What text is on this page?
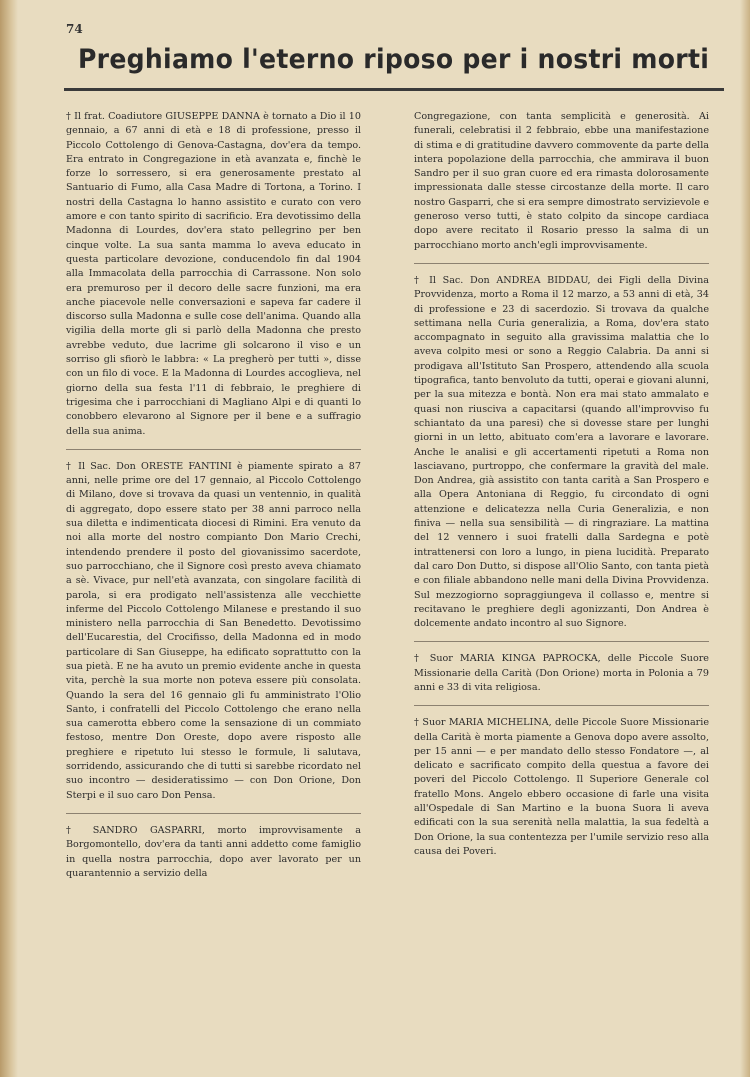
74
Preghiamo l'eterno riposo per i nostri morti

† Il frat. Coadiutore GIUSEPPE DANNA è tornato a Dio il 10 gennaio, a 67 anni di età e 18 di professione, presso il Piccolo Cottolengo di Genova-Castagna, dov'era da tempo. Era entrato in Congregazione in età avanzata e, finchè le forze lo sorressero, si era generosamente prestato al Santuario di Fumo, alla Casa Madre di Tortona, a Torino. I nostri della Castagna lo hanno assistito e curato con vero amore e con tanto spirito di sacrificio. Era devotissimo della Madonna di Lourdes, dov'era stato pellegrino per ben cinque volte. La sua santa mamma lo aveva educato in questa particolare devozione, conducendolo fin dal 1904 alla Immacolata della parrocchia di Carrassone. Non solo era premuroso per il decoro delle sacre funzioni, ma era anche piacevole nelle conversazioni e sapeva far cadere il discorso sulla Madonna e sulle cose dell'anima. Quando alla vigilia della morte gli si parlò della Madonna che presto avrebbe veduto, due lacrime gli solcarono il viso e un sorriso gli sfiorò le labbra: « La pregherò per tutti », disse con un filo di voce. E la Madonna di Lourdes accoglieva, nel giorno della sua festa l'11 di febbraio, le preghiere di trigesima che i parrocchiani di Magliano Alpi e di quanti lo conobbero elevarono al Signore per il bene e a suffragio della sua anima.

† Il Sac. Don ORESTE FANTINI è piamente spirato a 87 anni, nelle prime ore del 17 gennaio, al Piccolo Cottolengo di Milano, dove si trovava da quasi un ventennio, in qualità di aggregato, dopo essere stato per 38 anni parroco nella sua diletta e indimenticata diocesi di Rimini. Era venuto da noi alla morte del nostro compianto Don Mario Crechi, intendendo prendere il posto del giovanissimo sacerdote, suo parrocchiano, che il Signore così presto aveva chiamato a sè. Vivace, pur nell'età avanzata, con singolare facilità di parola, si era prodigato nell'assistenza alle vecchiette inferme del Piccolo Cottolengo Milanese e prestando il suo ministero nella parrocchia di San Benedetto. Devotissimo dell'Eucarestia, del Crocifisso, della Madonna ed in modo particolare di San Giuseppe, ha edificato soprattutto con la sua pietà. E ne ha avuto un premio evidente anche in questa vita, perchè la sua morte non poteva essere più consolata. Quando la sera del 16 gennaio gli fu amministrato l'Olio Santo, i confratelli del Piccolo Cottolengo che erano nella sua camerotta ebbero come la sensazione di un commiato festoso, mentre Don Oreste, dopo avere risposto alle preghiere e ripetuto lui stesso le formule, li salutava, sorridendo, assicurando che di tutti si sarebbe ricordato nel suo incontro — desideratissimo — con Don Orione, Don Sterpi e il suo caro Don Pensa.

† SANDRO GASPARRI, morto improvvisamente a Borgomontello, dov'era da tanti anni addetto come famiglio in quella nostra parrocchia, dopo aver lavorato per un quarantennio a servizio della

Congregazione, con tanta semplicità e generosità. Ai funerali, celebratisi il 2 febbraio, ebbe una manifestazione di stima e di gratitudine davvero commovente da parte della intera popolazione della parrocchia, che ammirava il buon Sandro per il suo gran cuore ed era rimasta dolorosamente impressionata dalle stesse circostanze della morte. Il caro nostro Gasparri, che si era sempre dimostrato servizievole e generoso verso tutti, è stato colpito da sincope cardiaca dopo avere recitato il Rosario presso la salma di un parrocchiano morto anch'egli improvvisamente.

† Il Sac. Don ANDREA BIDDAU, dei Figli della Divina Provvidenza, morto a Roma il 12 marzo, a 53 anni di età, 34 di professione e 23 di sacerdozio. Si trovava da qualche settimana nella Curia generalizia, a Roma, dov'era stato accompagnato in seguito alla gravissima malattia che lo aveva colpito mesi or sono a Reggio Calabria. Da anni si prodigava all'Istituto San Prospero, attendendo alla scuola tipografica, tanto benvoluto da tutti, operai e giovani alunni, per la sua mitezza e bontà. Non era mai stato ammalato e quasi non riusciva a capacitarsi (quando all'improvviso fu schiantato da una paresi) che si dovesse stare per lunghi giorni in un letto, abituato com'era a lavorare e lavorare. Anche le analisi e gli accertamenti ripetuti a Roma non lasciavano, purtroppo, che confermare la gravità del male. Don Andrea, già assistito con tanta carità a San Prospero e alla Opera Antoniana di Reggio, fu circondato di ogni attenzione e delicatezza nella Curia Generalizia, e non finiva — nella sua sensibilità — di ringraziare. La mattina del 12 vennero i suoi fratelli dalla Sardegna e potè intrattenersi con loro a lungo, in piena lucidità. Preparato dal caro Don Dutto, si dispose all'Olio Santo, con tanta pietà e con filiale abbandono nelle mani della Divina Provvidenza. Sul mezzogiorno sopraggiungeva il collasso e, mentre si recitavano le preghiere degli agonizzanti, Don Andrea è dolcemente andato incontro al suo Signore.

† Suor MARIA KINGA PAPROCKA, delle Piccole Suore Missionarie della Carità (Don Orione) morta in Polonia a 79 anni e 33 di vita religiosa.

† Suor MARIA MICHELINA, delle Piccole Suore Missionarie della Carità è morta piamente a Genova dopo avere assolto, per 15 anni — e per mandato dello stesso Fondatore —, al delicato e sacrificato compito della questua a favore dei poveri del Piccolo Cottolengo. Il Superiore Generale col fratello Mons. Angelo ebbero occasione di farle una visita all'Ospedale di San Martino e la buona Suora li aveva edificati con la sua serenità nella malattia, la sua fedeltà a Don Orione, la sua contentezza per l'umile servizio reso alla causa dei Poveri.
